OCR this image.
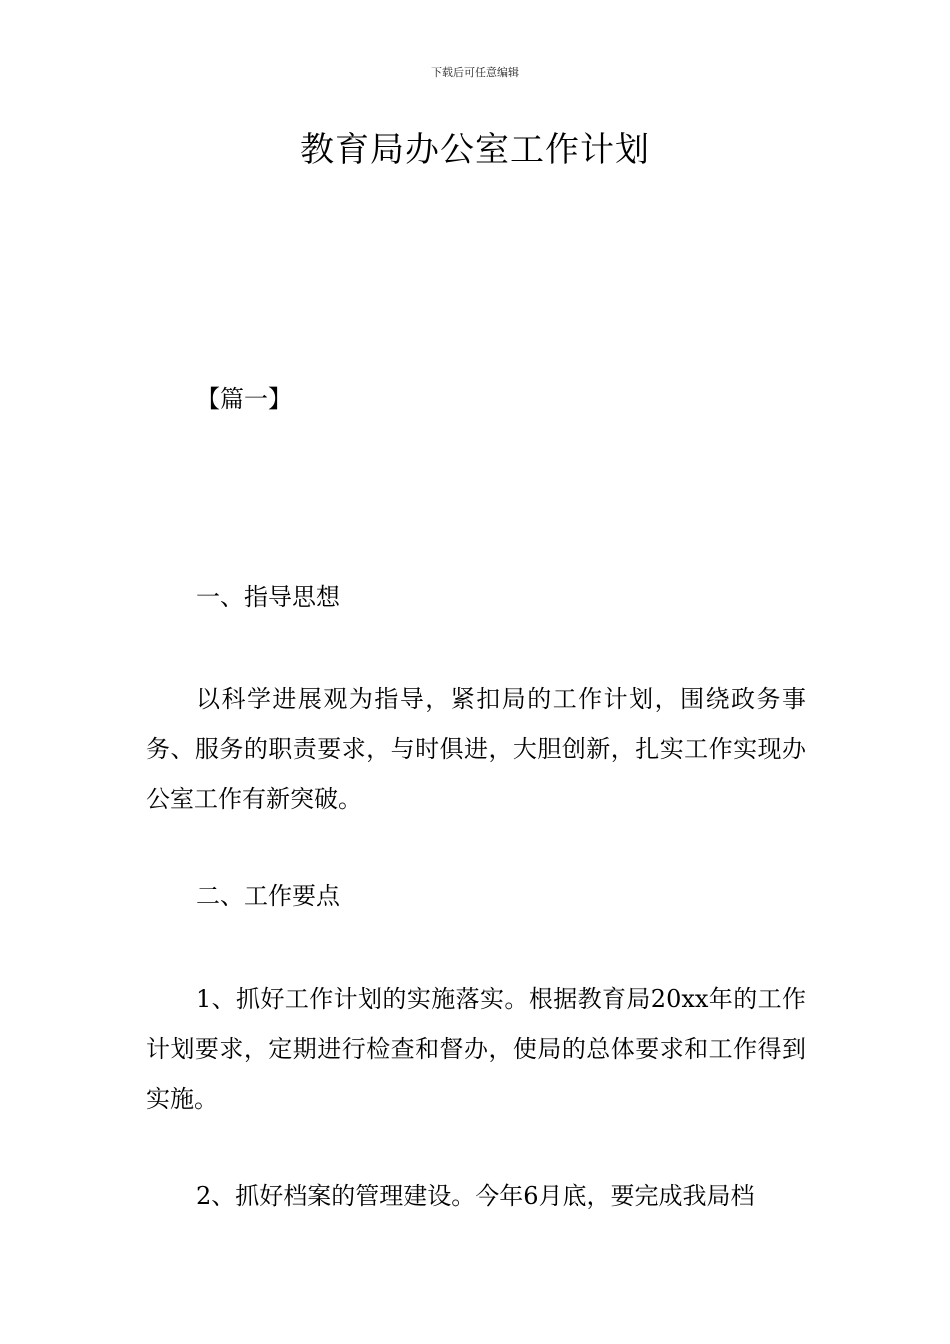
下载后可任意编辑
教育局办公室工作计划

【篇一】

一、指导思想

以科学进展观为指导，紧扣局的工作计划，围绕政务事务、服务的职责要求，与时俱进，大胆创新，扎实工作实现办公室工作有新突破。

二、工作要点

1、抓好工作计划的实施落实。根据教育局20xx年的工作计划要求，定期进行检查和督办，使局的总体要求和工作得到实施。

2、抓好档案的管理建设。今年6月底，要完成我局档
